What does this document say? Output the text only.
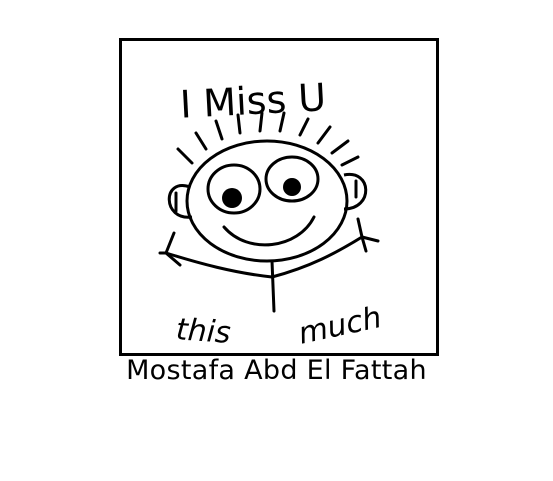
I Miss U
this much

Mostafa Abd El Fattah
